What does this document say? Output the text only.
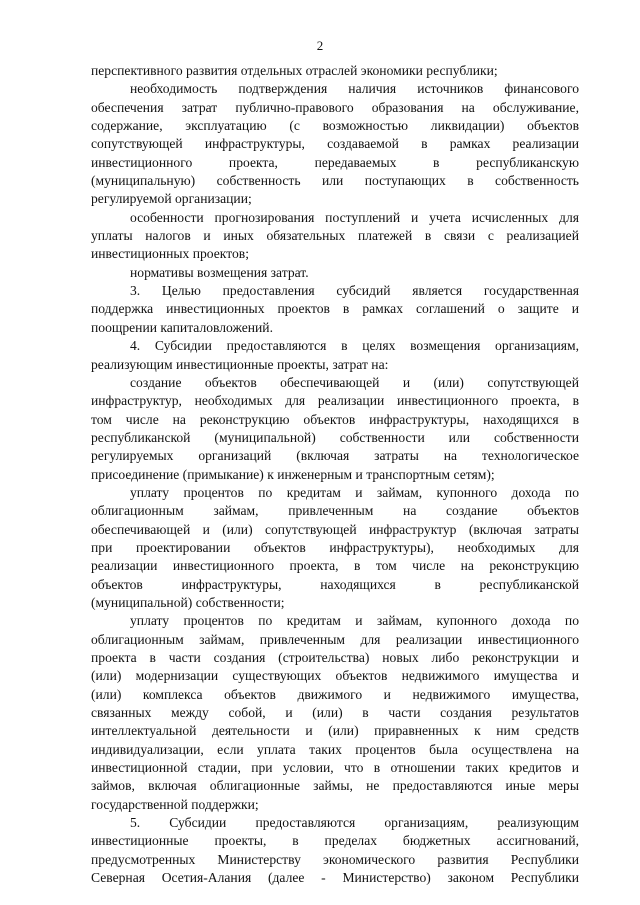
2
перспективного развития отдельных отраслей экономики республики;
необходимость подтверждения наличия источников финансового
обеспечения затрат публично-правового образования на обслуживание,
содержание, эксплуатацию (с возможностью ликвидации) объектов
сопутствующей инфраструктуры, создаваемой в рамках реализации
инвестиционного проекта, передаваемых в республиканскую
(муниципальную) собственность или поступающих в собственность
регулируемой организации;
особенности прогнозирования поступлений и учета исчисленных для
уплаты налогов и иных обязательных платежей в связи с реализацией
инвестиционных проектов;
нормативы возмещения затрат.
3. Целью предоставления субсидий является государственная
поддержка инвестиционных проектов в рамках соглашений о защите и
поощрении капиталовложений.
4. Субсидии предоставляются в целях возмещения организациям,
реализующим инвестиционные проекты, затрат на:
создание объектов обеспечивающей и (или) сопутствующей
инфраструктур, необходимых для реализации инвестиционного проекта, в
том числе на реконструкцию объектов инфраструктуры, находящихся в
республиканской (муниципальной) собственности или собственности
регулируемых организаций (включая затраты на технологическое
присоединение (примыкание) к инженерным и транспортным сетям);
уплату процентов по кредитам и займам, купонного дохода по
облигационным займам, привлеченным на создание объектов
обеспечивающей и (или) сопутствующей инфраструктур (включая затраты
при проектировании объектов инфраструктуры), необходимых для
реализации инвестиционного проекта, в том числе на реконструкцию
объектов инфраструктуры, находящихся в республиканской
(муниципальной) собственности;
уплату процентов по кредитам и займам, купонного дохода по
облигационным займам, привлеченным для реализации инвестиционного
проекта в части создания (строительства) новых либо реконструкции и
(или) модернизации существующих объектов недвижимого имущества и
(или) комплекса объектов движимого и недвижимого имущества,
связанных между собой, и (или) в части создания результатов
интеллектуальной деятельности и (или) приравненных к ним средств
индивидуализации, если уплата таких процентов была осуществлена на
инвестиционной стадии, при условии, что в отношении таких кредитов и
займов, включая облигационные займы, не предоставляются иные меры
государственной поддержки;
5. Субсидии предоставляются организациям, реализующим
инвестиционные проекты, в пределах бюджетных ассигнований,
предусмотренных Министерству экономического развития Республики
Северная Осетия-Алания (далее - Министерство) законом Республики
